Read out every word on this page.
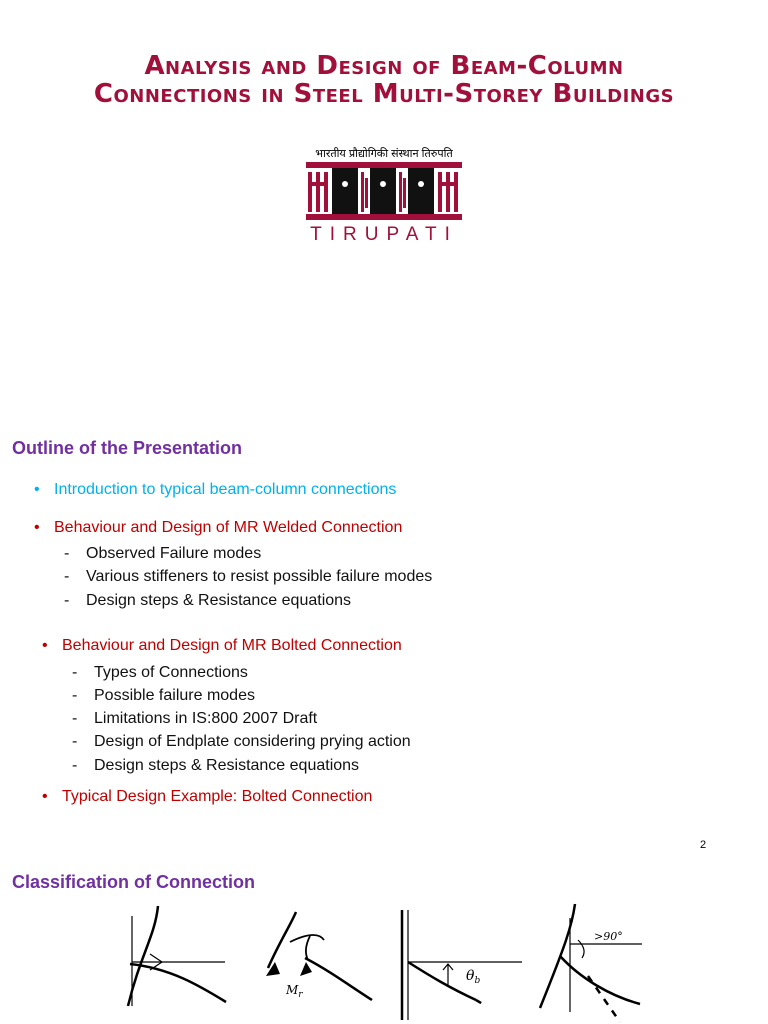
Analysis and Design of Beam-Column
Connections in Steel Multi-Storey Buildings
भारतीय प्रौद्योगिकी संस्थान तिरुपति
TIRUPATI
Outline of the Presentation
• Introduction to typical beam-column connections
• Behaviour and Design of MR Welded Connection
- Observed Failure modes
- Various stiffeners to resist possible failure modes
- Design steps & Resistance equations
• Behaviour and Design of MR Bolted Connection
- Types of Connections
- Possible failure modes
- Limitations in IS:800 2007 Draft
- Design of Endplate considering prying action
- Design steps & Resistance equations
• Typical Design Example: Bolted Connection
2
Classification of Connection
$M_r$
$\theta_b$
>90°
